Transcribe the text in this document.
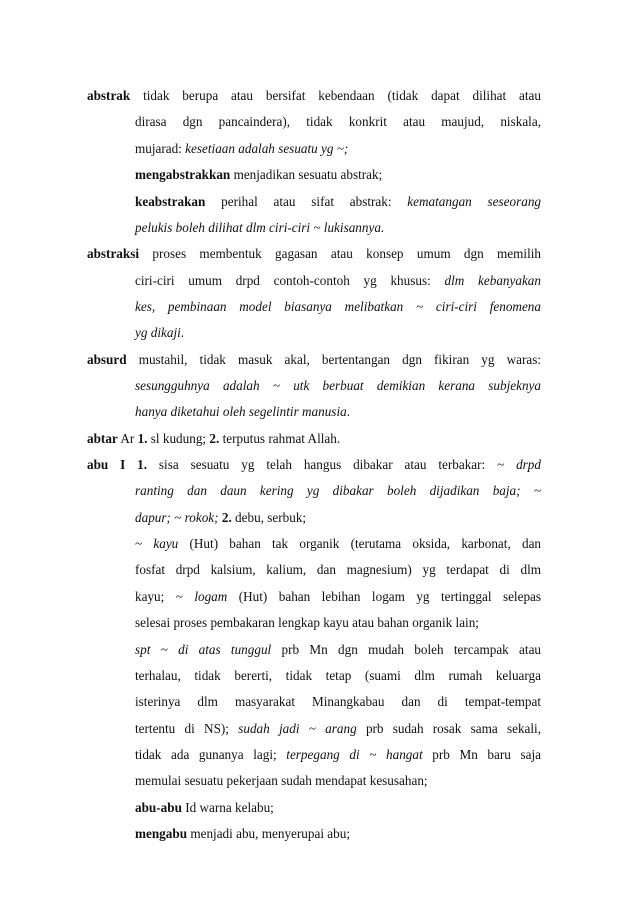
abstrak tidak berupa atau bersifat kebendaan (tidak dapat dilihat atau
dirasa dgn pancaindera), tidak konkrit atau maujud, niskala,
mujarad: kesetiaan adalah sesuatu yg ~;
mengabstrakkan menjadikan sesuatu abstrak;
keabstrakan perihal atau sifat abstrak: kematangan seseorang
pelukis boleh dilihat dlm ciri-ciri ~ lukisannya.
abstraksi proses membentuk gagasan atau konsep umum dgn memilih
ciri-ciri umum drpd contoh-contoh yg khusus: dlm kebanyakan
kes, pembinaan model biasanya melibatkan ~ ciri-ciri fenomena
yg dikaji.
absurd mustahil, tidak masuk akal, bertentangan dgn fikiran yg waras:
sesungguhnya adalah ~ utk berbuat demikian kerana subjeknya
hanya diketahui oleh segelintir manusia.
abtar Ar 1. sl kudung; 2. terputus rahmat Allah.
abu I 1. sisa sesuatu yg telah hangus dibakar atau terbakar: ~ drpd
ranting dan daun kering yg dibakar boleh dijadikan baja; ~
dapur; ~ rokok; 2. debu, serbuk;
~ kayu (Hut) bahan tak organik (terutama oksida, karbonat, dan
fosfat drpd kalsium, kalium, dan magnesium) yg terdapat di dlm
kayu; ~ logam (Hut) bahan lebihan logam yg tertinggal selepas
selesai proses pembakaran lengkap kayu atau bahan organik lain;
spt ~ di atas tunggul prb Mn dgn mudah boleh tercampak atau
terhalau, tidak bererti, tidak tetap (suami dlm rumah keluarga
isterinya dlm masyarakat Minangkabau dan di tempat-tempat
tertentu di NS); sudah jadi ~ arang prb sudah rosak sama sekali,
tidak ada gunanya lagi; terpegang di ~ hangat prb Mn baru saja
memulai sesuatu pekerjaan sudah mendapat kesusahan;
abu-abu Id warna kelabu;
mengabu menjadi abu, menyerupai abu;
